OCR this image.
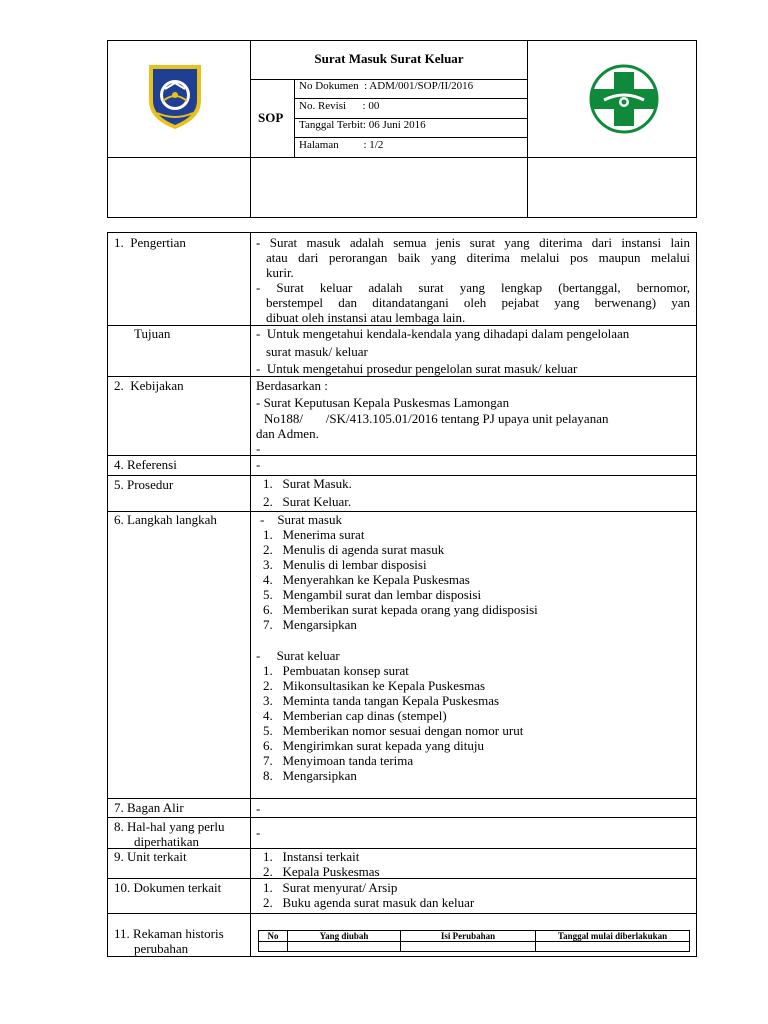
Surat Masuk Surat Keluar
SOP
No Dokumen  : ADM/001/SOP/II/2016
No. Revisi      : 00
Tanggal Terbit: 06 Juni 2016
Halaman         : 1/2
1.  Pengertian	- Surat masuk adalah semua jenis surat yang diterima dari instansi lain
atau dari perorangan baik yang diterima melalui pos maupun melalui
kurir.
- Surat keluar adalah surat yang lengkap (bertanggal, bernomor,
berstempel dan ditandatangani oleh pejabat yang berwenang) yan
dibuat oleh instansi atau lembaga lain.
Tujuan	-  Untuk mengetahui kendala-kendala yang dihadapi dalam pengelolaan
surat masuk/ keluar
-  Untuk mengetahui prosedur pengelolan surat masuk/ keluar
2.  Kebijakan	Berdasarkan :
- Surat Keputusan Kepala Puskesmas Lamongan
No188/       /SK/413.105.01/2016 tentang PJ upaya unit pelayanan
dan Admen.
-
4. Referensi	-
5. Prosedur	1.   Surat Masuk.
2.   Surat Keluar.
6. Langkah langkah	-    Surat masuk
1.   Menerima surat
2.   Menulis di agenda surat masuk
3.   Menulis di lembar disposisi
4.   Menyerahkan ke Kepala Puskesmas
5.   Mengambil surat dan lembar disposisi
6.   Memberikan surat kepada orang yang didisposisi
7.   Mengarsipkan
-     Surat keluar
1.   Pembuatan konsep surat
2.   Mikonsultasikan ke Kepala Puskesmas
3.   Meminta tanda tangan Kepala Puskesmas
4.   Memberian cap dinas (stempel)
5.   Memberikan nomor sesuai dengan nomor urut
6.   Mengirimkan surat kepada yang dituju
7.   Menyimoan tanda terima
8.   Mengarsipkan
7. Bagan Alir	-
8. Hal-hal yang perlu
diperhatikan
-
9. Unit terkait	1.   Instansi terkait
2.   Kepala Puskesmas
10. Dokumen terkait	1.   Surat menyurat/ Arsip
2.   Buku agenda surat masuk dan keluar
11. Rekaman historis
perubahan
No	Yang diubah	Isi Perubahan	Tanggal mulai diberlakukan
